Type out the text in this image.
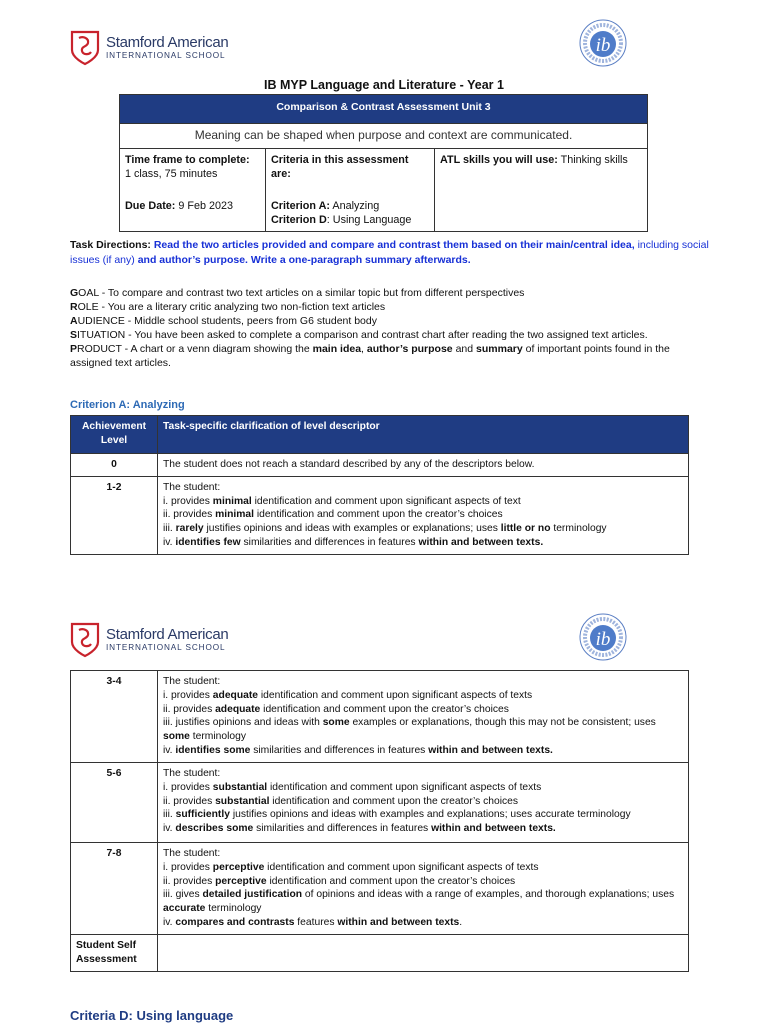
Stamford American
INTERNATIONAL SCHOOL	ib
IB MYP Language and Literature - Year 1
Comparison & Contrast Assessment Unit 3
Meaning can be shaped when purpose and context are communicated.

Time frame to complete:
1 class, 75 minutes
Due Date: 9 Feb 2023

Criteria in this assessment are:
Criterion A: Analyzing
Criterion D: Using Language

ATL skills you will use: Thinking skills
Task Directions: Read the two articles provided and compare and contrast them based on their main/central idea, including social issues (if any) and author’s purpose. Write a one-paragraph summary afterwards.
GOAL - To compare and contrast two text articles on a similar topic but from different perspectives
ROLE - You are a literary critic analyzing two non-fiction text articles
AUDIENCE - Middle school students, peers from G6 student body
SITUATION - You have been asked to complete a comparison and contrast chart after reading the two assigned text articles.
PRODUCT - A chart or a venn diagram showing the main idea, author’s purpose and summary of important points found in the assigned text articles.
Criterion A: Analyzing
Achievement Level	Task-specific clarification of level descriptor
0	The student does not reach a standard described by any of the descriptors below.
1-2	The student:
i. provides minimal identification and comment upon significant aspects of text
ii. provides minimal identification and comment upon the creator’s choices
iii. rarely justifies opinions and ideas with examples or explanations; uses little or no terminology
iv. identifies few similarities and differences in features within and between texts.
Stamford American
INTERNATIONAL SCHOOL	ib
3-4	The student:
i. provides adequate identification and comment upon significant aspects of texts
ii. provides adequate identification and comment upon the creator’s choices
iii. justifies opinions and ideas with some examples or explanations, though this may not be consistent; uses some terminology
iv. identifies some similarities and differences in features within and between texts.

5-6	The student:
i. provides substantial identification and comment upon significant aspects of texts
ii. provides substantial identification and comment upon the creator’s choices
iii. sufficiently justifies opinions and ideas with examples and explanations; uses accurate terminology
iv. describes some similarities and differences in features within and between texts.

7-8	The student:
i. provides perceptive identification and comment upon significant aspects of texts
ii. provides perceptive identification and comment upon the creator’s choices
iii. gives detailed justification of opinions and ideas with a range of examples, and thorough explanations; uses accurate terminology
iv. compares and contrasts features within and between texts.

Student Self Assessment	
Criteria D: Using language
